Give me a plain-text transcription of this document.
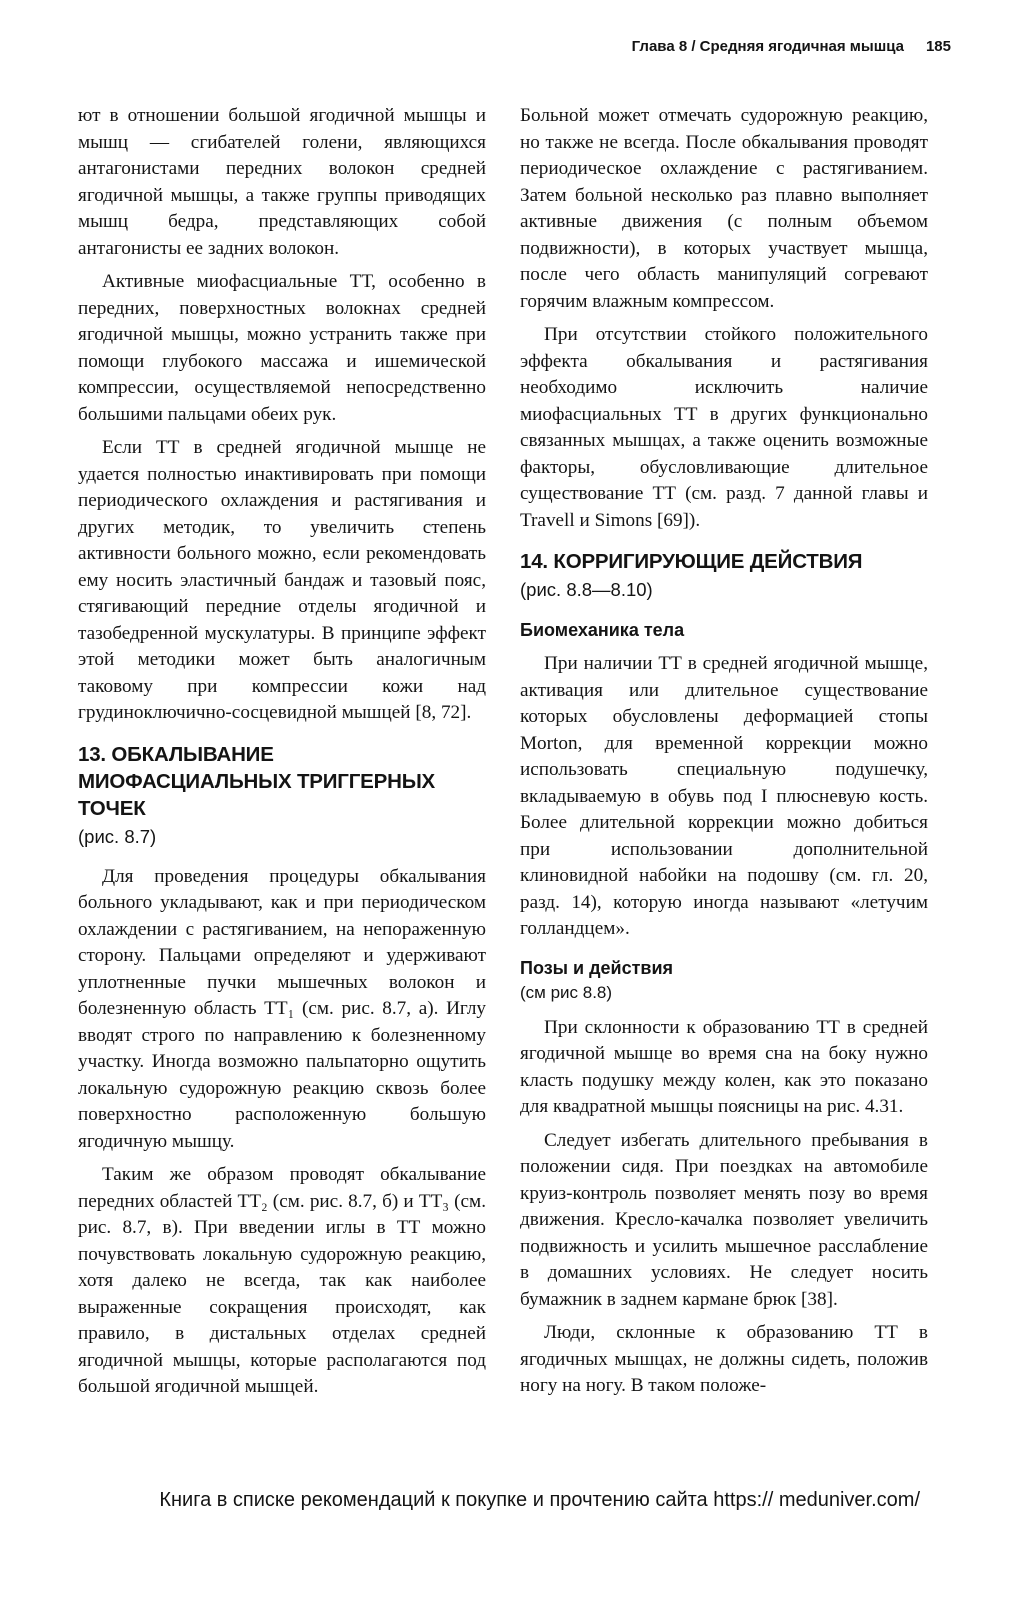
Глава 8 / Средняя ягодичная мышца 185

ют в отношении большой ягодичной мышцы и мышц — сгибателей голени, являющихся антагонистами передних волокон средней ягодичной мышцы, а также группы приводящих мышц бедра, представляющих собой антагонисты ее задних волокон.

Активные миофасциальные ТТ, особенно в передних, поверхностных волокнах средней ягодичной мышцы, можно устранить также при помощи глубокого массажа и ишемической компрессии, осуществляемой непосредственно большими пальцами обеих рук.

Если ТТ в средней ягодичной мышце не удается полностью инактивировать при помощи периодического охлаждения и растягивания и других методик, то увеличить степень активности больного можно, если рекомендовать ему носить эластичный бандаж и тазовый пояс, стягивающий передние отделы ягодичной и тазобедренной мускулатуры. В принципе эффект этой методики может быть аналогичным таковому при компрессии кожи над грудиноключично-сосцевидной мышцей [8, 72].

13. ОБКАЛЫВАНИЕ МИОФАСЦИАЛЬНЫХ ТРИГГЕРНЫХ ТОЧЕК
(рис. 8.7)

Для проведения процедуры обкалывания больного укладывают, как и при периодическом охлаждении с растягиванием, на непораженную сторону. Пальцами определяют и удерживают уплотненные пучки мышечных волокон и болезненную область ТТ₁ (см. рис. 8.7, а). Иглу вводят строго по направлению к болезненному участку. Иногда возможно пальпаторно ощутить локальную судорожную реакцию сквозь более поверхностно расположенную большую ягодичную мышцу.

Таким же образом проводят обкалывание передних областей ТТ₂ (см. рис. 8.7, б) и ТТ₃ (см. рис. 8.7, в). При введении иглы в ТТ можно почувствовать локальную судорожную реакцию, хотя далеко не всегда, так как наиболее выраженные сокращения происходят, как правило, в дистальных отделах средней ягодичной мышцы, которые располагаются под большой ягодичной мышцей.

Больной может отмечать судорожную реакцию, но также не всегда. После обкалывания проводят периодическое охлаждение с растягиванием. Затем больной несколько раз плавно выполняет активные движения (с полным объемом подвижности), в которых участвует мышца, после чего область манипуляций согревают горячим влажным компрессом.

При отсутствии стойкого положительного эффекта обкалывания и растягивания необходимо исключить наличие миофасциальных ТТ в других функционально связанных мышцах, а также оценить возможные факторы, обусловливающие длительное существование ТТ (см. разд. 7 данной главы и Travell и Simons [69]).

14. КОРРИГИРУЮЩИЕ ДЕЙСТВИЯ
(рис. 8.8—8.10)
Биомеханика тела

При наличии ТТ в средней ягодичной мышце, активация или длительное существование которых обусловлены деформацией стопы Morton, для временной коррекции можно использовать специальную подушечку, вкладываемую в обувь под I плюсневую кость. Более длительной коррекции можно добиться при использовании дополнительной клиновидной набойки на подошву (см. гл. 20, разд. 14), которую иногда называют «летучим голландцем».

Позы и действия
(см рис 8.8)

При склонности к образованию ТТ в средней ягодичной мышце во время сна на боку нужно класть подушку между колен, как это показано для квадратной мышцы поясницы на рис. 4.31.

Следует избегать длительного пребывания в положении сидя. При поездках на автомобиле круиз-контроль позволяет менять позу во время движения. Кресло-качалка позволяет увеличить подвижность и усилить мышечное расслабление в домашних условиях. Не следует носить бумажник в заднем кармане брюк [38].

Люди, склонные к образованию ТТ в ягодичных мышцах, не должны сидеть, положив ногу на ногу. В таком положе-

Книга в списке рекомендаций к покупке и прочтению сайта https:// meduniver.com/
